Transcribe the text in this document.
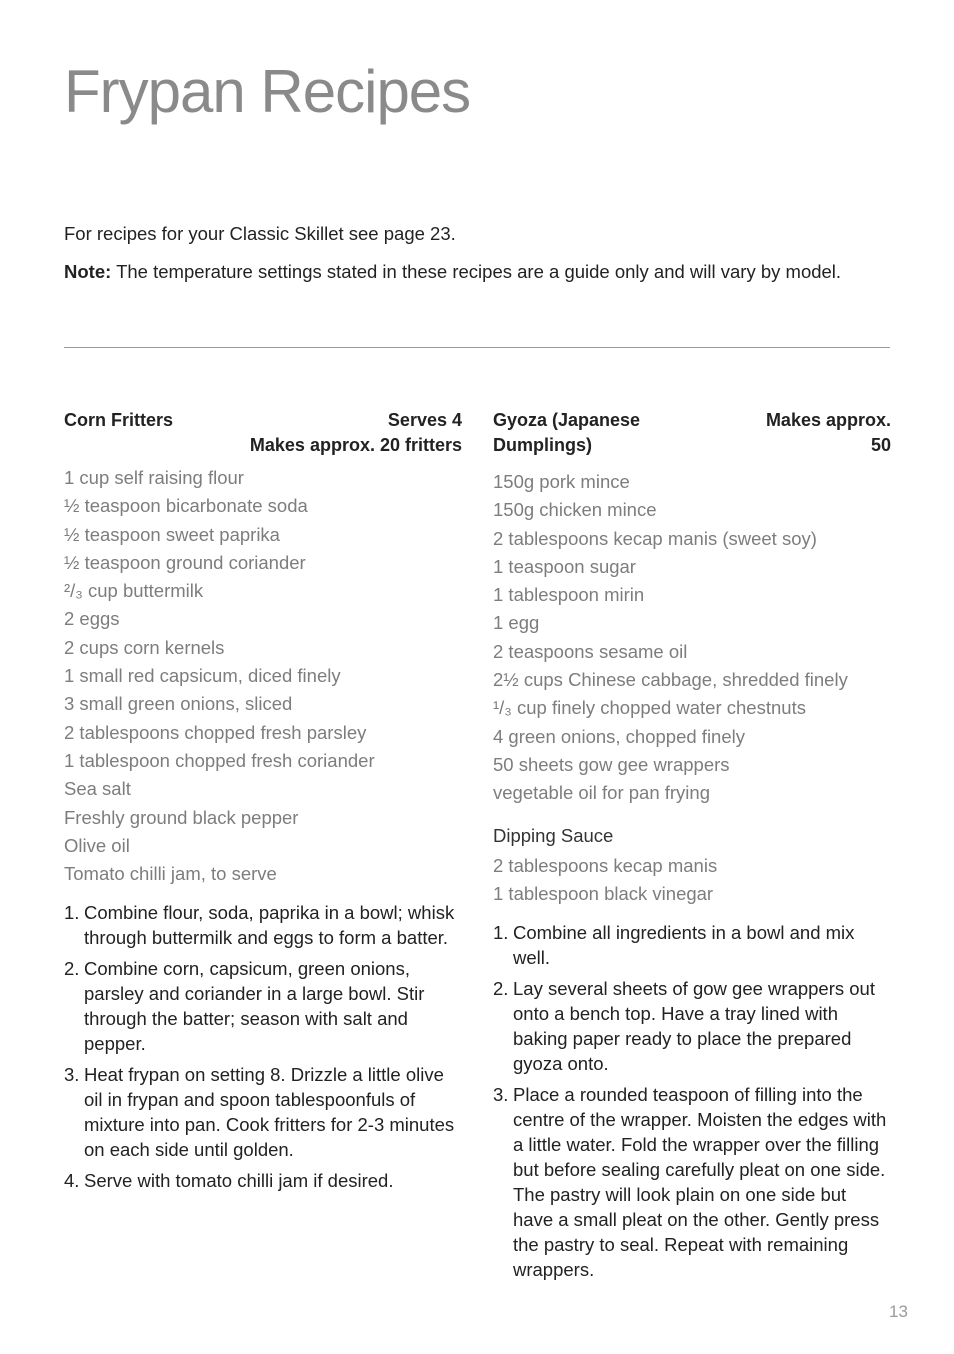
Frypan Recipes

For recipes for your Classic Skillet see page 23.

Note: The temperature settings stated in these recipes are a guide only and will vary by model.

Corn Fritters	Serves 4
Makes approx. 20 fritters
1 cup self raising flour
½ teaspoon bicarbonate soda
½ teaspoon sweet paprika
½ teaspoon ground coriander
²/₃ cup buttermilk
2 eggs
2 cups corn kernels
1 small red capsicum, diced finely
3 small green onions, sliced
2 tablespoons chopped fresh parsley
1 tablespoon chopped fresh coriander
Sea salt
Freshly ground black pepper
Olive oil
Tomato chilli jam, to serve
1. Combine flour, soda, paprika in a bowl; whisk through buttermilk and eggs to form a batter.
2. Combine corn, capsicum, green onions, parsley and coriander in a large bowl. Stir through the batter; season with salt and pepper.
3. Heat frypan on setting 8. Drizzle a little olive oil in frypan and spoon tablespoonfuls of mixture into pan. Cook fritters for 2-3 minutes on each side until golden.
4. Serve with tomato chilli jam if desired.
Gyoza (Japanese Dumplings)
Makes approx. 50
150g pork mince
150g chicken mince
2 tablespoons kecap manis (sweet soy)
1 teaspoon sugar
1 tablespoon mirin
1 egg
2 teaspoons sesame oil
2½ cups Chinese cabbage, shredded finely
¹/₃ cup finely chopped water chestnuts
4 green onions, chopped finely
50 sheets gow gee wrappers
vegetable oil for pan frying
Dipping Sauce
2 tablespoons kecap manis
1 tablespoon black vinegar
1. Combine all ingredients in a bowl and mix well.
2. Lay several sheets of gow gee wrappers out onto a bench top. Have a tray lined with baking paper ready to place the prepared gyoza onto.
3. Place a rounded teaspoon of filling into the centre of the wrapper. Moisten the edges with a little water. Fold the wrapper over the filling but before sealing carefully pleat on one side. The pastry will look plain on one side but have a small pleat on the other. Gently press the pastry to seal. Repeat with remaining wrappers.
13
